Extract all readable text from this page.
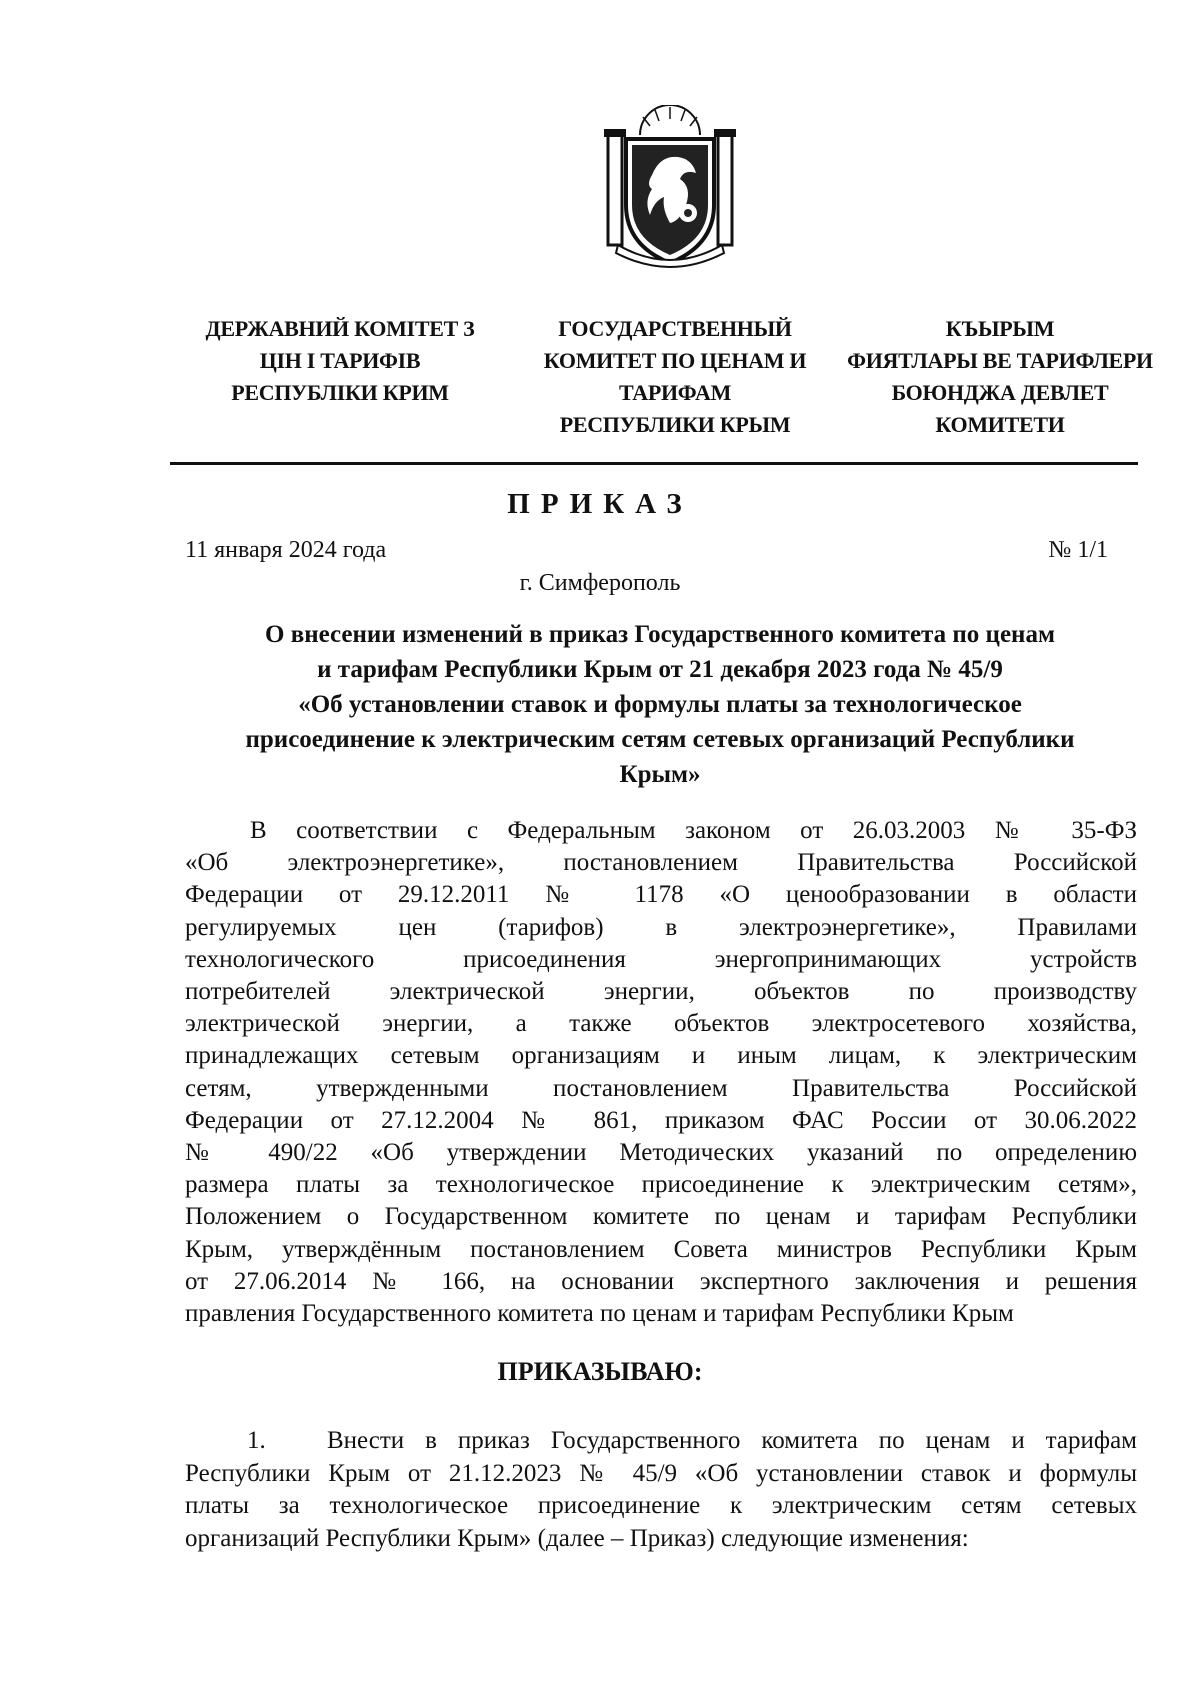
ДЕРЖАВНИЙ КОМІТЕТ З
ЦІН І ТАРИФІВ
РЕСПУБЛІКИ КРИМ
ГОСУДАРСТВЕННЫЙ
КОМИТЕТ ПО ЦЕНАМ И
ТАРИФАМ
РЕСПУБЛИКИ КРЫМ
КЪЫРЫМ
ФИЯТЛАРЫ ВЕ ТАРИФЛЕРИ
БОЮНДЖА ДЕВЛЕТ
КОМИТЕТИ
ПРИКАЗ
11 января 2024 года	№ 1/1
г. Симферополь
О внесении изменений в приказ Государственного комитета по ценам
и тарифам Республики Крым от 21 декабря 2023 года № 45/9
«Об установлении ставок и формулы платы за технологическое
присоединение к электрическим сетям сетевых организаций Республики
Крым»
В соответствии с Федеральным законом от 26.03.2003 № 35-ФЗ
«Об электроэнергетике», постановлением Правительства Российской
Федерации от 29.12.2011 № 1178 «О ценообразовании в области
регулируемых цен (тарифов) в электроэнергетике», Правилами
технологического присоединения энергопринимающих устройств
потребителей электрической энергии, объектов по производству
электрической энергии, а также объектов электросетевого хозяйства,
принадлежащих сетевым организациям и иным лицам, к электрическим
сетям, утвержденными постановлением Правительства Российской
Федерации от 27.12.2004 № 861, приказом ФАС России от 30.06.2022
№ 490/22 «Об утверждении Методических указаний по определению
размера платы за технологическое присоединение к электрическим сетям»,
Положением о Государственном комитете по ценам и тарифам Республики
Крым, утверждённым постановлением Совета министров Республики Крым
от 27.06.2014 № 166, на основании экспертного заключения и решения
правления Государственного комитета по ценам и тарифам Республики Крым
ПРИКАЗЫВАЮ:
1. Внести в приказ Государственного комитета по ценам и тарифам
Республики Крым от 21.12.2023 № 45/9 «Об установлении ставок и формулы
платы за технологическое присоединение к электрическим сетям сетевых
организаций Республики Крым» (далее – Приказ) следующие изменения:
